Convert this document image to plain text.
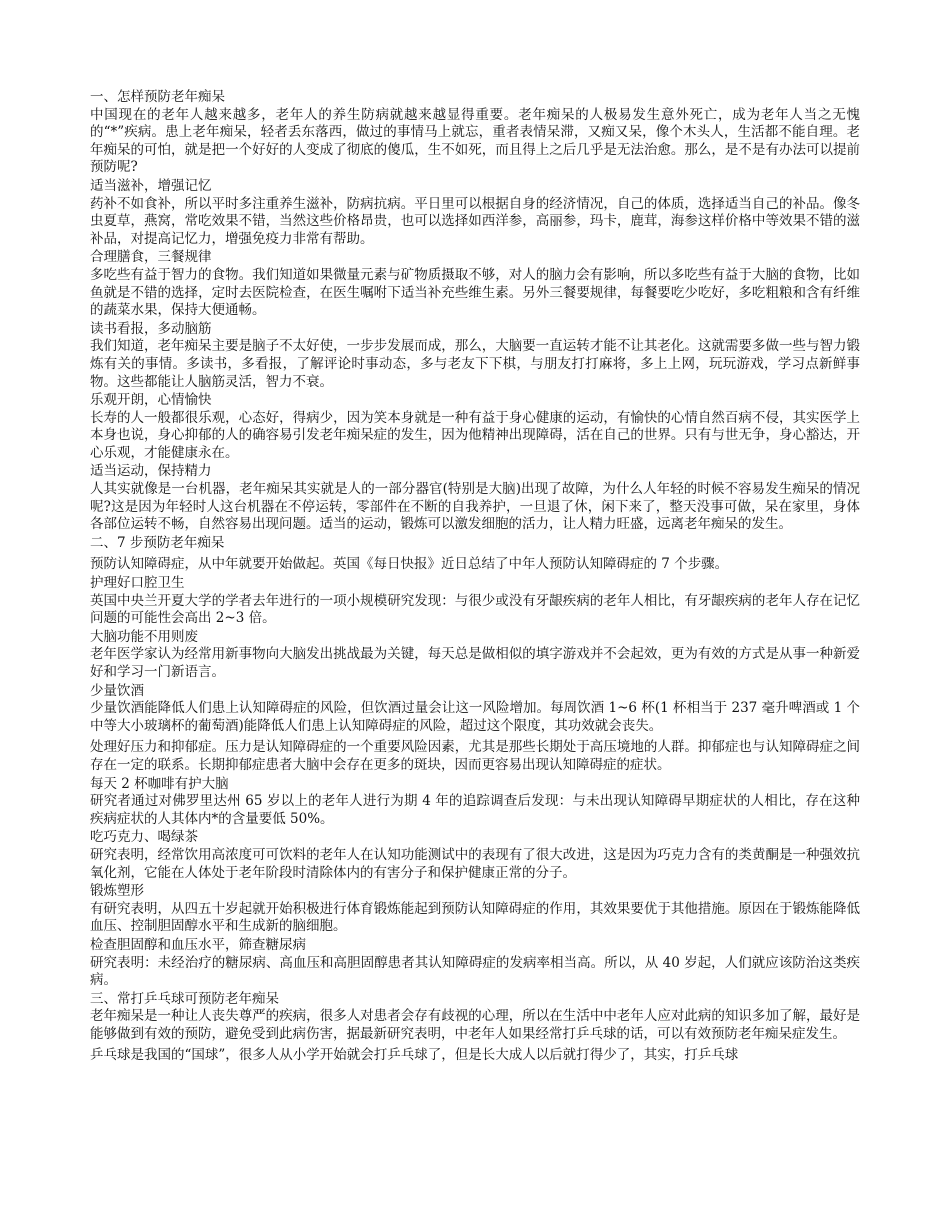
一、怎样预防老年痴呆

中国现在的老年人越来越多，老年人的养生防病就越来越显得重要。老年痴呆的人极易发生意外死亡，成为老年人当之无愧的“*”疾病。患上老年痴呆，轻者丢东落西，做过的事情马上就忘，重者表情呆滞，又痴又呆，像个木头人，生活都不能自理。老年痴呆的可怕，就是把一个好好的人变成了彻底的傻瓜，生不如死，而且得上之后几乎是无法治愈。那么，是不是有办法可以提前预防呢?

适当滋补，增强记忆

药补不如食补，所以平时多注重养生滋补，防病抗病。平日里可以根据自身的经济情况，自己的体质，选择适当自己的补品。像冬虫夏草，燕窝，常吃效果不错，当然这些价格昂贵，也可以选择如西洋参，高丽参，玛卡，鹿茸，海参这样价格中等效果不错的滋补品，对提高记忆力，增强免疫力非常有帮助。

合理膳食，三餐规律

多吃些有益于智力的食物。我们知道如果微量元素与矿物质摄取不够，对人的脑力会有影响，所以多吃些有益于大脑的食物，比如鱼就是不错的选择，定时去医院检查，在医生嘱咐下适当补充些维生素。另外三餐要规律，每餐要吃少吃好，多吃粗粮和含有纤维的蔬菜水果，保持大便通畅。

读书看报，多动脑筋

我们知道，老年痴呆主要是脑子不太好使，一步步发展而成，那么，大脑要一直运转才能不让其老化。这就需要多做一些与智力锻炼有关的事情。多读书，多看报，了解评论时事动态，多与老友下下棋，与朋友打打麻将，多上上网，玩玩游戏，学习点新鲜事物。这些都能让人脑筋灵活，智力不衰。

乐观开朗，心情愉快

长寿的人一般都很乐观，心态好，得病少，因为笑本身就是一种有益于身心健康的运动，有愉快的心情自然百病不侵，其实医学上本身也说，身心抑郁的人的确容易引发老年痴呆症的发生，因为他精神出现障碍，活在自己的世界。只有与世无争，身心豁达，开心乐观，才能健康永在。

适当运动，保持精力

人其实就像是一台机器，老年痴呆其实就是人的一部分器官(特别是大脑)出现了故障，为什么人年轻的时候不容易发生痴呆的情况呢?这是因为年轻时人这台机器在不停运转，零部件在不断的自我养护，一旦退了休，闲下来了，整天没事可做，呆在家里，身体各部位运转不畅，自然容易出现问题。适当的运动，锻炼可以激发细胞的活力，让人精力旺盛，远离老年痴呆的发生。

二、7 步预防老年痴呆

预防认知障碍症，从中年就要开始做起。英国《每日快报》近日总结了中年人预防认知障碍症的 7 个步骤。

护理好口腔卫生

英国中央兰开夏大学的学者去年进行的一项小规模研究发现：与很少或没有牙龈疾病的老年人相比，有牙龈疾病的老年人存在记忆问题的可能性会高出 2~3 倍。

大脑功能不用则废

老年医学家认为经常用新事物向大脑发出挑战最为关键，每天总是做相似的填字游戏并不会起效，更为有效的方式是从事一种新爱好和学习一门新语言。

少量饮酒

少量饮酒能降低人们患上认知障碍症的风险，但饮酒过量会让这一风险增加。每周饮酒 1~6 杯(1 杯相当于 237 毫升啤酒或 1 个中等大小玻璃杯的葡萄酒)能降低人们患上认知障碍症的风险，超过这个限度，其功效就会丧失。

处理好压力和抑郁症。压力是认知障碍症的一个重要风险因素，尤其是那些长期处于高压境地的人群。抑郁症也与认知障碍症之间存在一定的联系。长期抑郁症患者大脑中会存在更多的斑块，因而更容易出现认知障碍症的症状。

每天 2 杯咖啡有护大脑

研究者通过对佛罗里达州 65 岁以上的老年人进行为期 4 年的追踪调查后发现：与未出现认知障碍早期症状的人相比，存在这种疾病症状的人其体内*的含量要低 50%。

吃巧克力、喝绿茶

研究表明，经常饮用高浓度可可饮料的老年人在认知功能测试中的表现有了很大改进，这是因为巧克力含有的类黄酮是一种强效抗氧化剂，它能在人体处于老年阶段时清除体内的有害分子和保护健康正常的分子。

锻炼塑形

有研究表明，从四五十岁起就开始积极进行体育锻炼能起到预防认知障碍症的作用，其效果要优于其他措施。原因在于锻炼能降低血压、控制胆固醇水平和生成新的脑细胞。

检查胆固醇和血压水平，筛查糖尿病

研究表明：未经治疗的糖尿病、高血压和高胆固醇患者其认知障碍症的发病率相当高。所以，从 40 岁起，人们就应该防治这类疾病。

三、常打乒乓球可预防老年痴呆

老年痴呆是一种让人丧失尊严的疾病，很多人对患者会存有歧视的心理，所以在生活中中老年人应对此病的知识多加了解，最好是能够做到有效的预防，避免受到此病伤害，据最新研究表明，中老年人如果经常打乒乓球的话，可以有效预防老年痴呆症发生。

乒乓球是我国的“国球”，很多人从小学开始就会打乒乓球了，但是长大成人以后就打得少了，其实，打乒乓球
